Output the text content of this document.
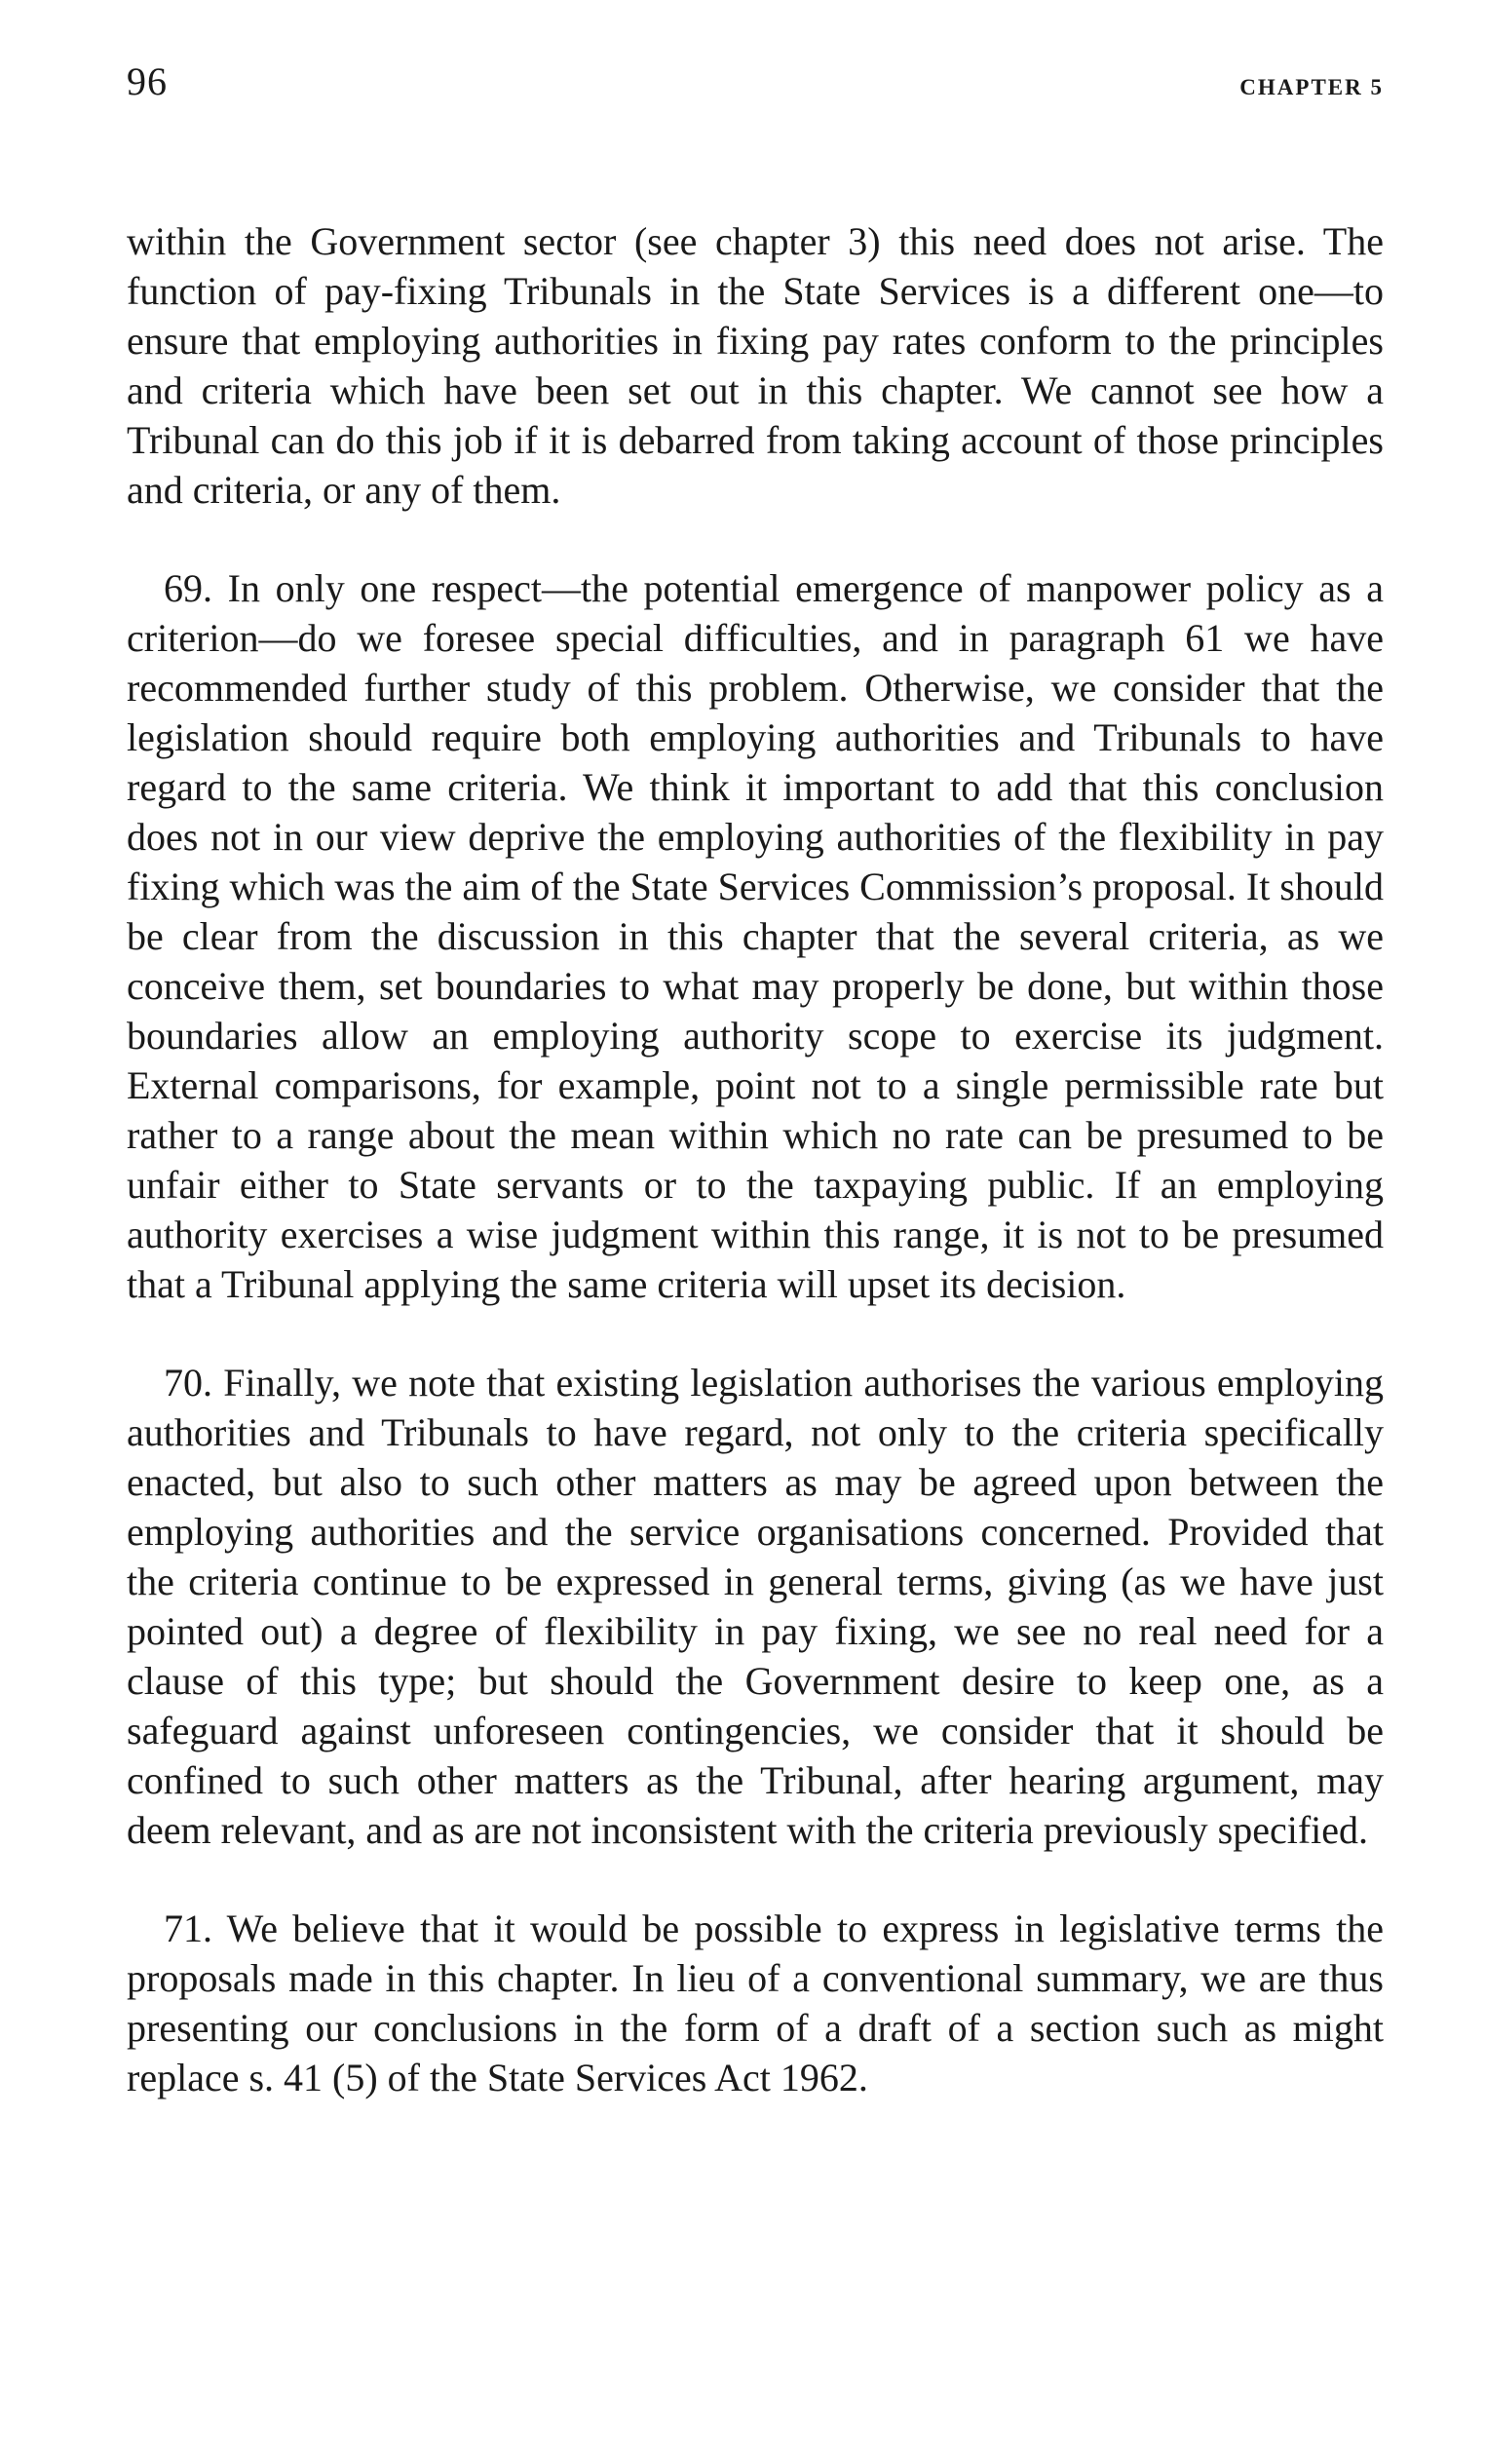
96	CHAPTER 5

within the Government sector (see chapter 3) this need does not arise. The function of pay-fixing Tribunals in the State Services is a different one—to ensure that employing authorities in fixing pay rates conform to the principles and criteria which have been set out in this chapter. We cannot see how a Tribunal can do this job if it is debarred from taking account of those principles and criteria, or any of them.

69. In only one respect—the potential emergence of manpower policy as a criterion—do we foresee special difficulties, and in paragraph 61 we have recommended further study of this problem. Otherwise, we consider that the legislation should require both employing authorities and Tribunals to have regard to the same criteria. We think it important to add that this conclusion does not in our view deprive the employing authorities of the flexibility in pay fixing which was the aim of the State Services Commission’s proposal. It should be clear from the discussion in this chapter that the several criteria, as we conceive them, set boundaries to what may properly be done, but within those boundaries allow an employing authority scope to exercise its judgment. External comparisons, for example, point not to a single permissible rate but rather to a range about the mean within which no rate can be presumed to be unfair either to State servants or to the taxpaying public. If an employing authority exercises a wise judgment within this range, it is not to be presumed that a Tribunal applying the same criteria will upset its decision.

70. Finally, we note that existing legislation authorises the various employing authorities and Tribunals to have regard, not only to the criteria specifically enacted, but also to such other matters as may be agreed upon between the employing authorities and the service organisations concerned. Provided that the criteria continue to be expressed in general terms, giving (as we have just pointed out) a degree of flexibility in pay fixing, we see no real need for a clause of this type; but should the Government desire to keep one, as a safeguard against unforeseen contingencies, we consider that it should be confined to such other matters as the Tribunal, after hearing argument, may deem relevant, and as are not inconsistent with the criteria previously specified.

71. We believe that it would be possible to express in legislative terms the proposals made in this chapter. In lieu of a conventional summary, we are thus presenting our conclusions in the form of a draft of a section such as might replace s. 41 (5) of the State Services Act 1962.
